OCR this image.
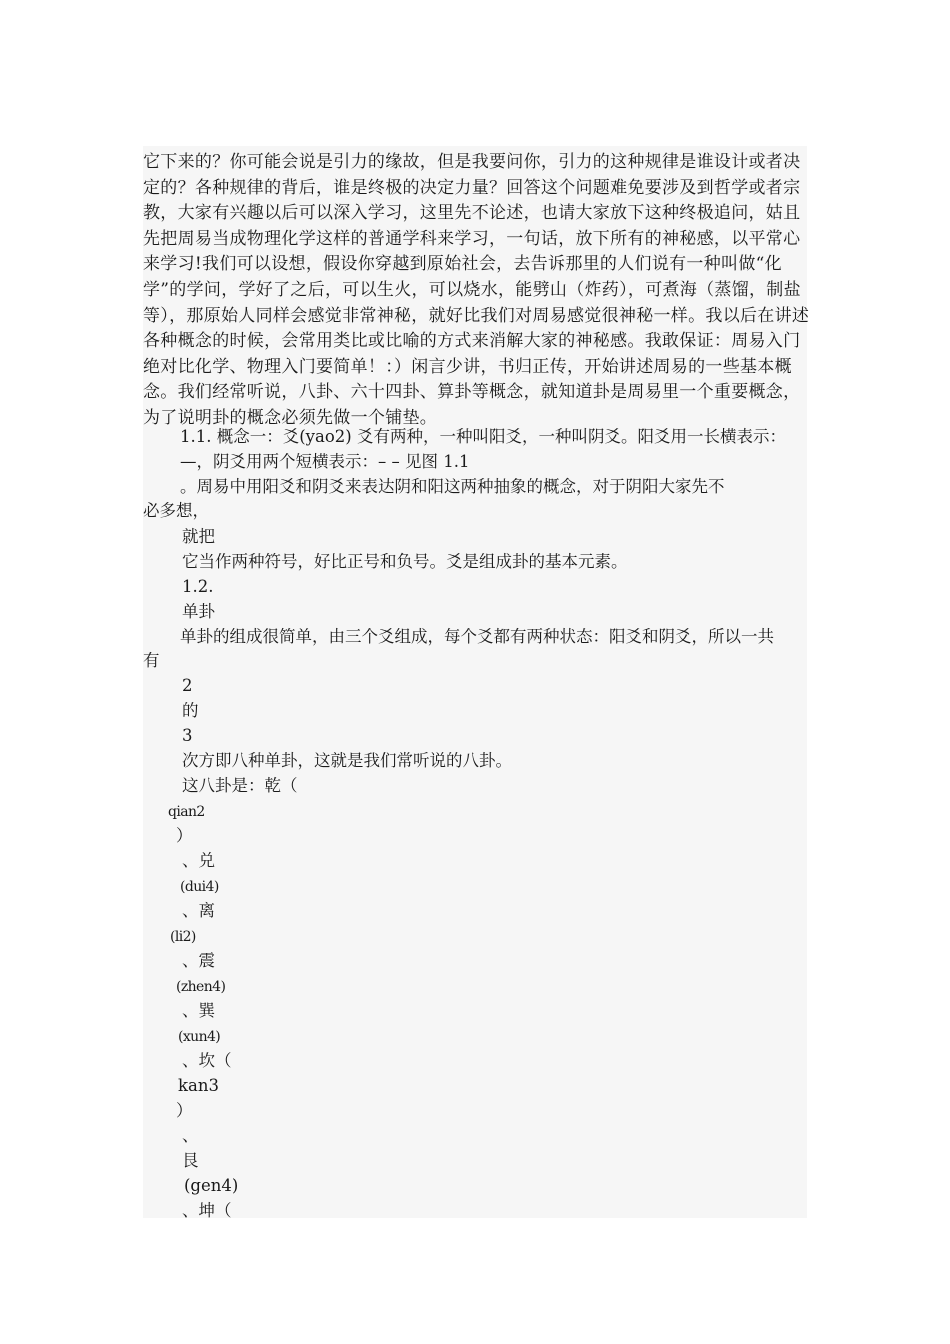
它下来的？你可能会说是引力的缘故，但是我要问你，引力的这种规律是谁设计或者决定的？各种规律的背后，谁是终极的决定力量？回答这个问题难免要涉及到哲学或者宗教，大家有兴趣以后可以深入学习，这里先不论述，也请大家放下这种终极追问，姑且先把周易当成物理化学这样的普通学科来学习，一句话，放下所有的神秘感，以平常心来学习!我们可以设想，假设你穿越到原始社会，去告诉那里的人们说有一种叫做“化学”的学问，学好了之后，可以生火，可以烧水，能劈山（炸药），可煮海（蒸馏，制盐等），那原始人同样会感觉非常神秘，就好比我们对周易感觉很神秘一样。我以后在讲述各种概念的时候，会常用类比或比喻的方式来消解大家的神秘感。我敢保证：周易入门绝对比化学、物理入门要简单！：）闲言少讲，书归正传，开始讲述周易的一些基本概念。我们经常听说，八卦、六十四卦、算卦等概念，就知道卦是周易里一个重要概念，为了说明卦的概念必须先做一个铺垫。

1.1. 概念一：爻(yao2) 爻有两种，一种叫阳爻，一种叫阴爻。阳爻用一长横表示：

—，阴爻用两个短横表示：– – 见图 1.1

。周易中用阳爻和阴爻来表达阴和阳这两种抽象的概念，对于阴阳大家先不

必多想，

就把

它当作两种符号，好比正号和负号。爻是组成卦的基本元素。

1.2.

单卦

单卦的组成很简单，由三个爻组成，每个爻都有两种状态：阳爻和阴爻，所以一共

有

2

的

3

次方即八种单卦，这就是我们常听说的八卦。

这八卦是：乾（

qian2

）

、兑

(dui4)

、离

(li2)

、震

(zhen4)

、巽

(xun4)

、坎（

kan3

）

、

艮

(gen4)

、坤（
